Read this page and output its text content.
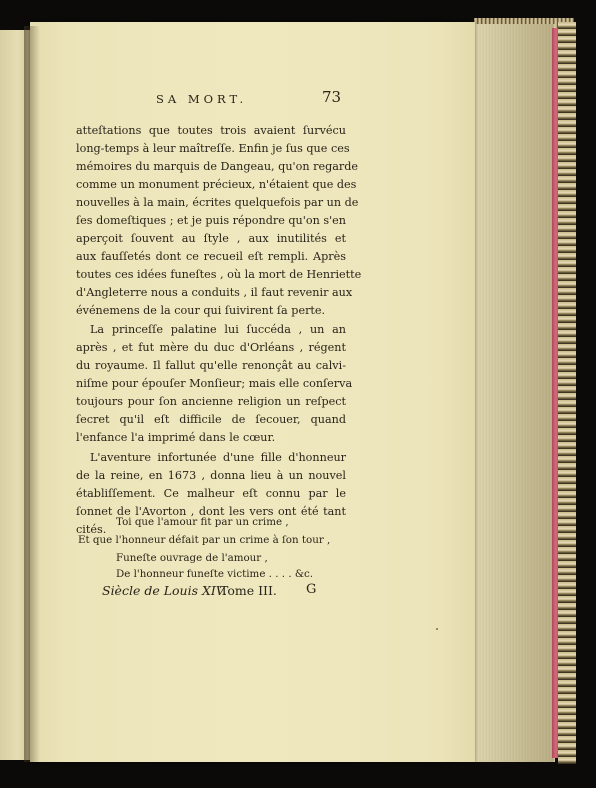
SA MORT.	73
atteſtations que toutes trois avaient ſurvécu
long-temps à leur maîtreſſe. Enfin je ſus que ces
mémoires du marquis de Dangeau, qu'on regarde
comme un monument précieux, n'étaient que des
nouvelles à la main, écrites quelquefois par un de
ſes domeſtiques ; et je puis répondre qu'on s'en
aperçoit ſouvent au ſtyle , aux inutilités et
aux fauſſetés dont ce recueil eſt rempli. Après
toutes ces idées funeſtes , où la mort de Henriette
d'Angleterre nous a conduits , il faut revenir aux
événemens de la cour qui ſuivirent ſa perte.
La princeſſe palatine lui ſuccéda , un an
après , et fut mère du duc d'Orléans , régent
du royaume. Il fallut qu'elle renonçât au calvi-
niſme pour épouſer Monſieur; mais elle conſerva
toujours pour ſon ancienne religion un reſpect
ſecret qu'il eſt difficile de ſecouer, quand
l'enfance l'a imprimé dans le cœur.
L'aventure infortunée d'une fille d'honneur
de la reine, en 1673 , donna lieu à un nouvel
établiſſement. Ce malheur eſt connu par le
ſonnet de l'Avorton , dont les vers ont été tant
cités.
Toi que l'amour fit par un crime ,
Et que l'honneur défait par un crime à ſon tour ,
Funeſte ouvrage de l'amour ,
De l'honneur funeſte victime . . . . &c.
Siècle de Louis XIV.
Tome III. G
